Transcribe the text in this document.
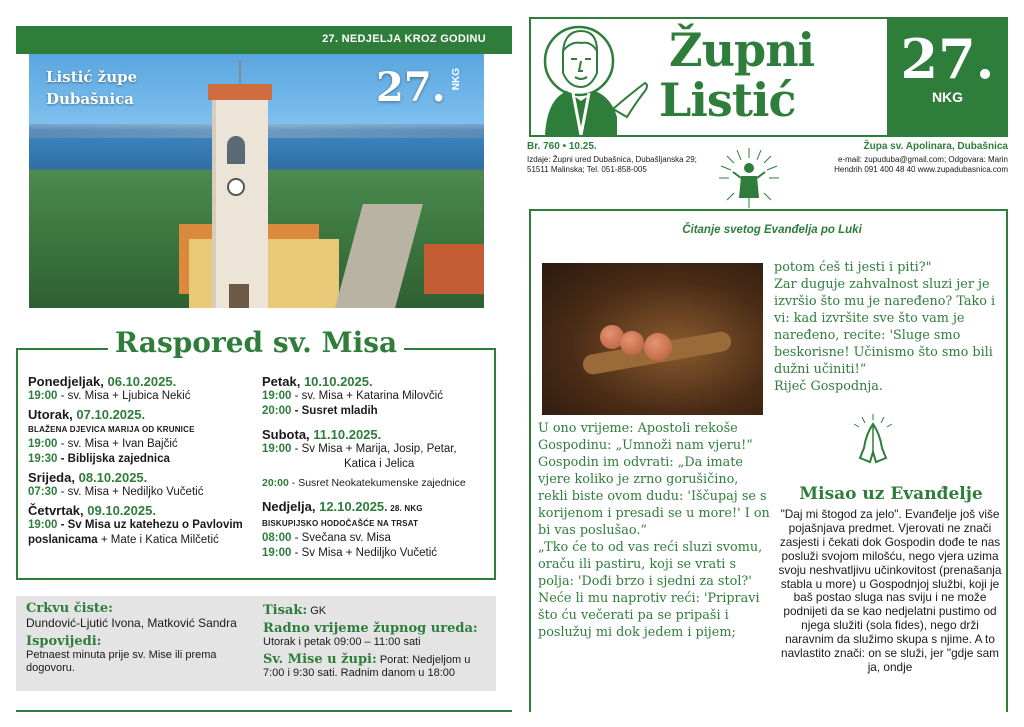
27. NEDJELJA KROZ GODINU
Listić župe
Dubašnica	27. NKG
Raspored sv. Misa
Ponedjeljak, 06.10.2025.
19:00 - sv. Misa + Ljubica Nekić
Utorak, 07.10.2025.
BLAŽENA DJEVICA MARIJA OD KRUNICE
19:00 - sv. Misa + Ivan Bajčić
19:30 - Biblijska zajednica
Srijeda, 08.10.2025.
07:30 - sv. Misa + Nediljko Vučetić
Četvrtak, 09.10.2025.
19:00 - Sv Misa uz katehezu o Pavlovim
poslanicama + Mate i Katica Milčetić
Petak, 10.10.2025.
19:00 - sv. Misa + Katarina Milovčić
20:00 - Susret mladih
Subota, 11.10.2025.
19:00 - Sv Misa + Marija, Josip, Petar,
Katica i Jelica
20:00 - Susret Neokatekumenske zajednice
Nedjelja, 12.10.2025. 28. NKG
BISKUPIJSKO HODOČAŠĆE NA TRSAT
08:00 - Svečana sv. Misa
19:00 - Sv Misa + Nediljko Vučetić
Crkvu čiste:
Dundović-Ljutić Ivona, Matković Sandra
Ispovijedi:
Petnaest minuta prije sv. Mise ili prema dogovoru.
Tisak: GK
Radno vrijeme župnog ureda:
Utorak i petak 09:00 – 11:00 sati
Sv. Mise u župi: Porat: Nedjeljom u 7:00 i 9:30 sati. Radnim danom u 18:00
Župni
Listić
27.
NKG
Br. 760 • 10.25.
Izdaje: Župni ured Dubašnica, Dubašljanska 29; 51511 Malinska; Tel. 051-858-005
Župa sv. Apolinara, Dubašnica
e-mail: zupuduba@gmail.com; Odgovara: Marin Hendrih 091 400 48 40 www.zupadubasnica.com
Čitanje svetog Evanđelja po Luki

U ono vrijeme: Apostoli rekoše Gospodinu: „Umnoži nam vjeru!“

Gospodin im odvrati: „Da imate vjere koliko je zrno gorušičino, rekli biste ovom dudu: 'Iščupaj se s korijenom i presadi se u more!' I on bi vas poslušao.“

„Tko će to od vas reći sluzi svomu, oraču ili pastiru, koji se vrati s polja: 'Dođi brzo i sjedni za stol?' Neće li mu naprotiv reći: 'Pripravi što ću večerati pa se pripaši i poslužuj mi dok jedem i pijem;

potom ćeš ti jesti i piti?"

Zar duguje zahvalnost sluzi jer je izvršio što mu je naređeno? Tako i vi: kad izvršite sve što vam je naređeno, recite: 'Sluge smo beskorisne! Učinismo što smo bili dužni učiniti!“

Riječ Gospodnja.

Misao uz Evanđelje
"Daj mi štogod za jelo". Evanđelje još više pojašnjava predmet. Vjerovati ne znači zasjesti i čekati dok Gospodin dođe te nas posluži svojom milošću, nego vjera uzima svoju neshvatljivu učinkovitost (prenašanja stabla u more) u Gospodnjoj službi, koji je baš postao sluga nas sviju i ne može podnijeti da se kao nedjelatni pustimo od njega služiti (sola fides), nego drži naravnim da služimo skupa s njime. A to navlastito znači: on se služi, jer "gdje sam ja, ondje
